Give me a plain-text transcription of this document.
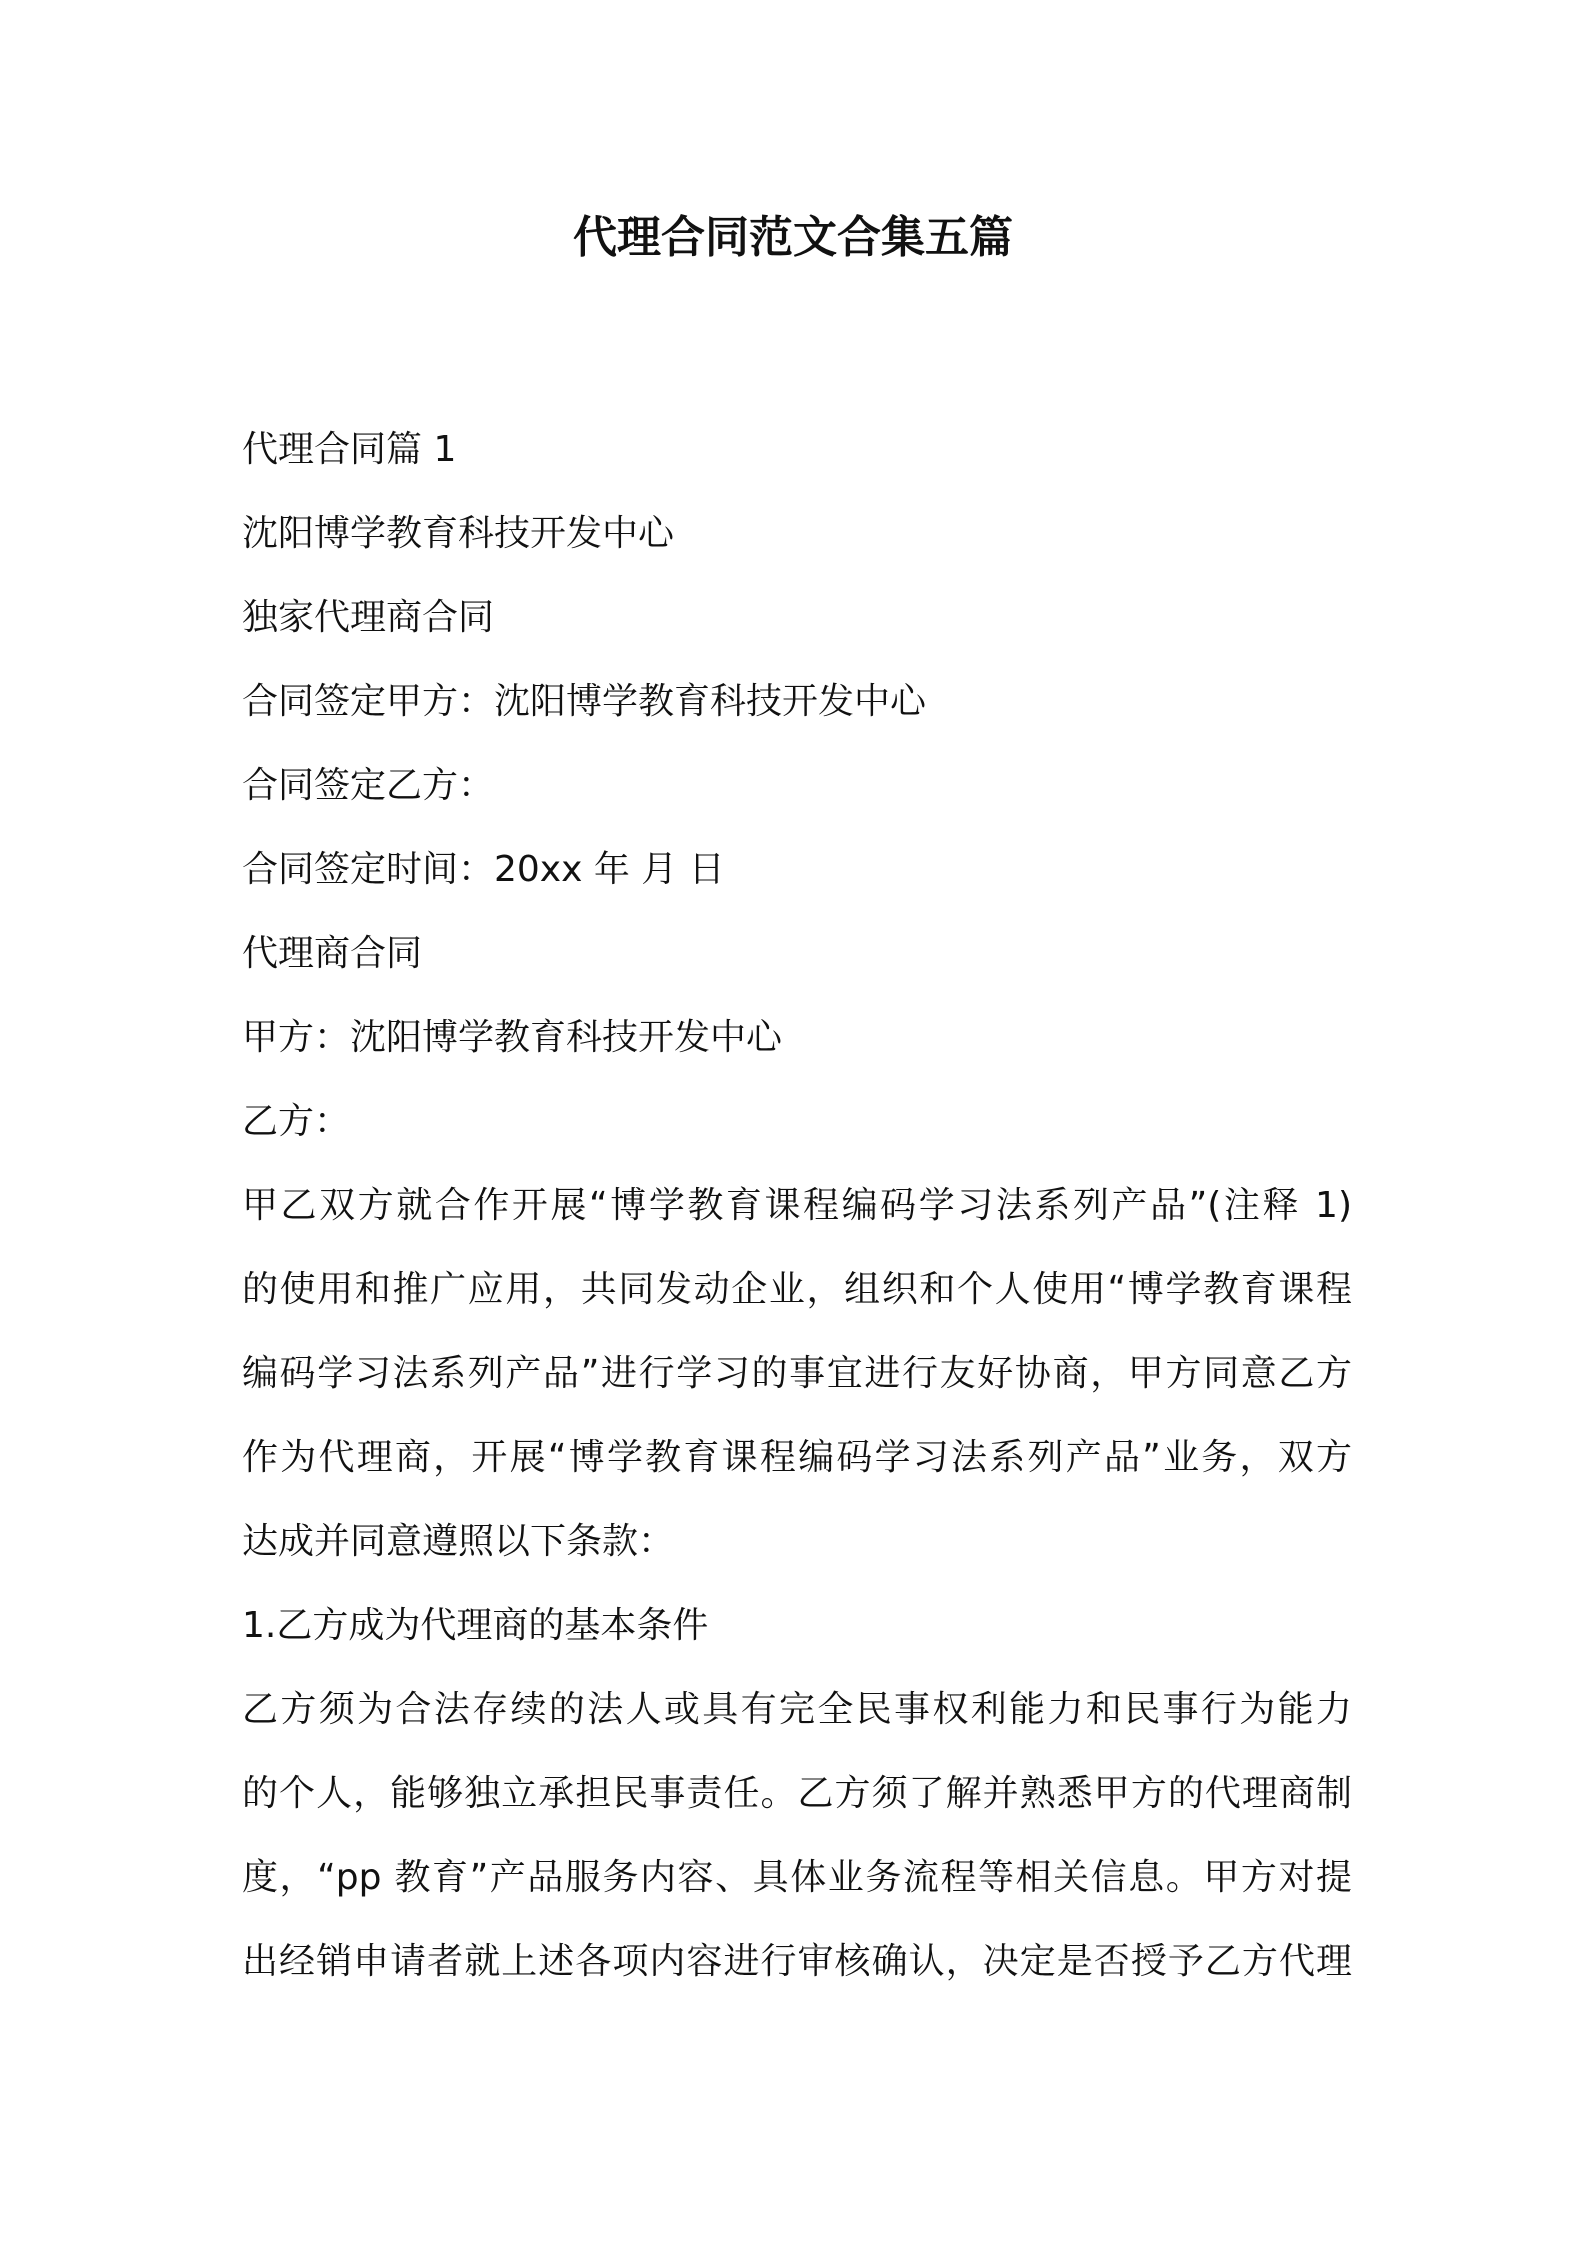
代理合同范文合集五篇

代理合同篇 1

沈阳博学教育科技开发中心

独家代理商合同

合同签定甲方：沈阳博学教育科技开发中心

合同签定乙方：

合同签定时间：20xx 年 月 日

代理商合同

甲方：沈阳博学教育科技开发中心

乙方：

甲乙双方就合作开展“博学教育课程编码学习法系列产品”(注释 1)
的使用和推广应用，共同发动企业，组织和个人使用“博学教育课程
编码学习法系列产品”进行学习的事宜进行友好协商，甲方同意乙方
作为代理商，开展“博学教育课程编码学习法系列产品”业务，双方
达成并同意遵照以下条款：

1.乙方成为代理商的基本条件

乙方须为合法存续的法人或具有完全民事权利能力和民事行为能力
的个人，能够独立承担民事责任。乙方须了解并熟悉甲方的代理商制
度，“pp 教育”产品服务内容、具体业务流程等相关信息。甲方对提
出经销申请者就上述各项内容进行审核确认，决定是否授予乙方代理
